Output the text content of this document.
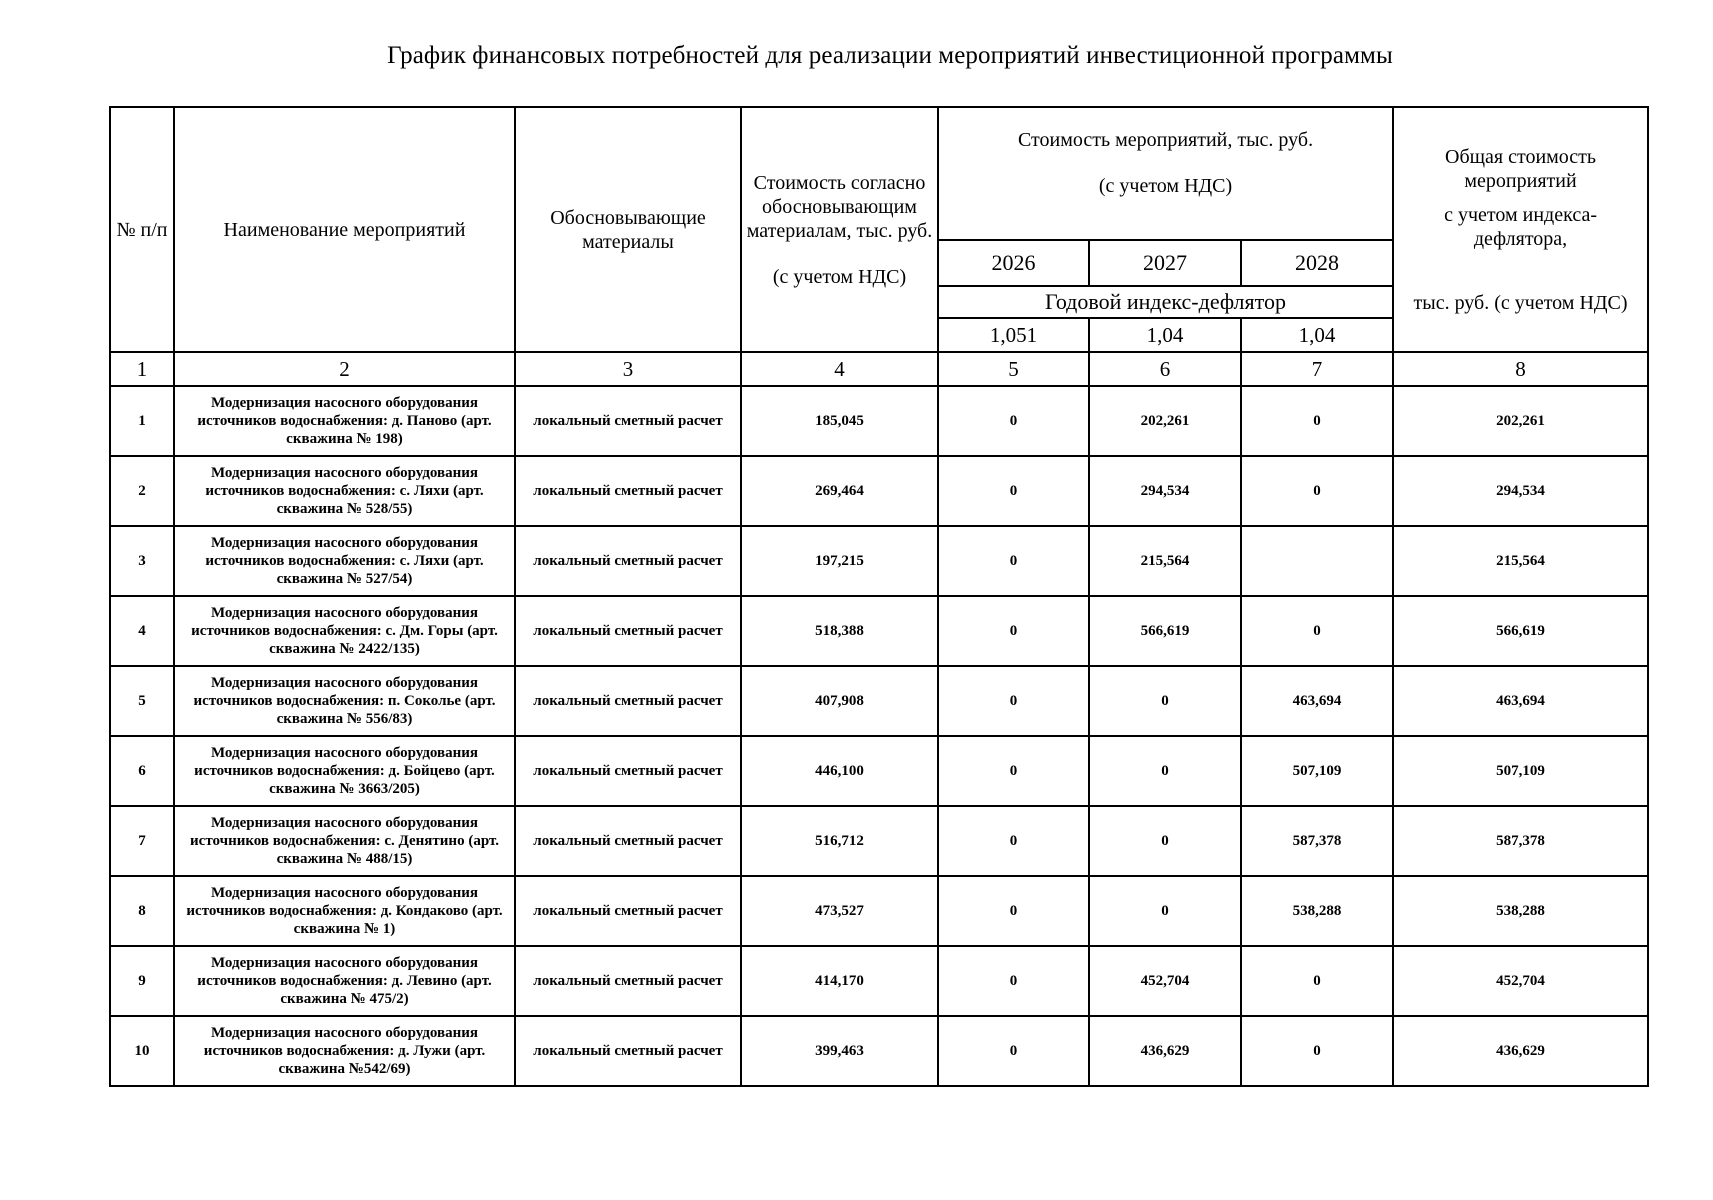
График финансовых потребностей для реализации мероприятий инвестиционной программы
№ п/п	Наименование мероприятий	Обосновывающие материалы	Стоимость согласно обосновывающим материалам, тыс. руб.
(с учетом НДС)	Стоимость мероприятий, тыс. руб.
(с учетом НДС)			Общая стоимость мероприятий
с учетом индекса-дефлятора,
тыс. руб. (с учетом НДС)

				2026	2027	2028	
				Годовой индекс-дефлятор			
				1,051	1,04	1,04	
1	2	3	4	5	6	7	8
1	Модернизация насосного оборудования источников водоснабжения: д. Паново (арт. скважина № 198)	локальный сметный расчет	185,045	0	202,261	0	202,261
2	Модернизация насосного оборудования источников водоснабжения: с. Ляхи (арт. скважина № 528/55)	локальный сметный расчет	269,464	0	294,534	0	294,534
3	Модернизация насосного оборудования источников водоснабжения: с. Ляхи (арт. скважина № 527/54)	локальный сметный расчет	197,215	0	215,564		215,564
4	Модернизация насосного оборудования источников водоснабжения: с. Дм. Горы (арт. скважина № 2422/135)	локальный сметный расчет	518,388	0	566,619	0	566,619
5	Модернизация насосного оборудования источников водоснабжения: п. Соколье (арт. скважина № 556/83)	локальный сметный расчет	407,908	0	0	463,694	463,694
6	Модернизация насосного оборудования источников водоснабжения: д. Бойцево (арт. скважина № 3663/205)	локальный сметный расчет	446,100	0	0	507,109	507,109
7	Модернизация насосного оборудования источников водоснабжения: с. Денятино (арт. скважина № 488/15)	локальный сметный расчет	516,712	0	0	587,378	587,378
8	Модернизация насосного оборудования источников водоснабжения: д. Кондаково (арт. скважина № 1)	локальный сметный расчет	473,527	0	0	538,288	538,288
9	Модернизация насосного оборудования источников водоснабжения: д. Левино (арт. скважина № 475/2)	локальный сметный расчет	414,170	0	452,704	0	452,704
10	Модернизация насосного оборудования источников водоснабжения: д. Лужи (арт. скважина №542/69)	локальный сметный расчет	399,463	0	436,629	0	436,629
